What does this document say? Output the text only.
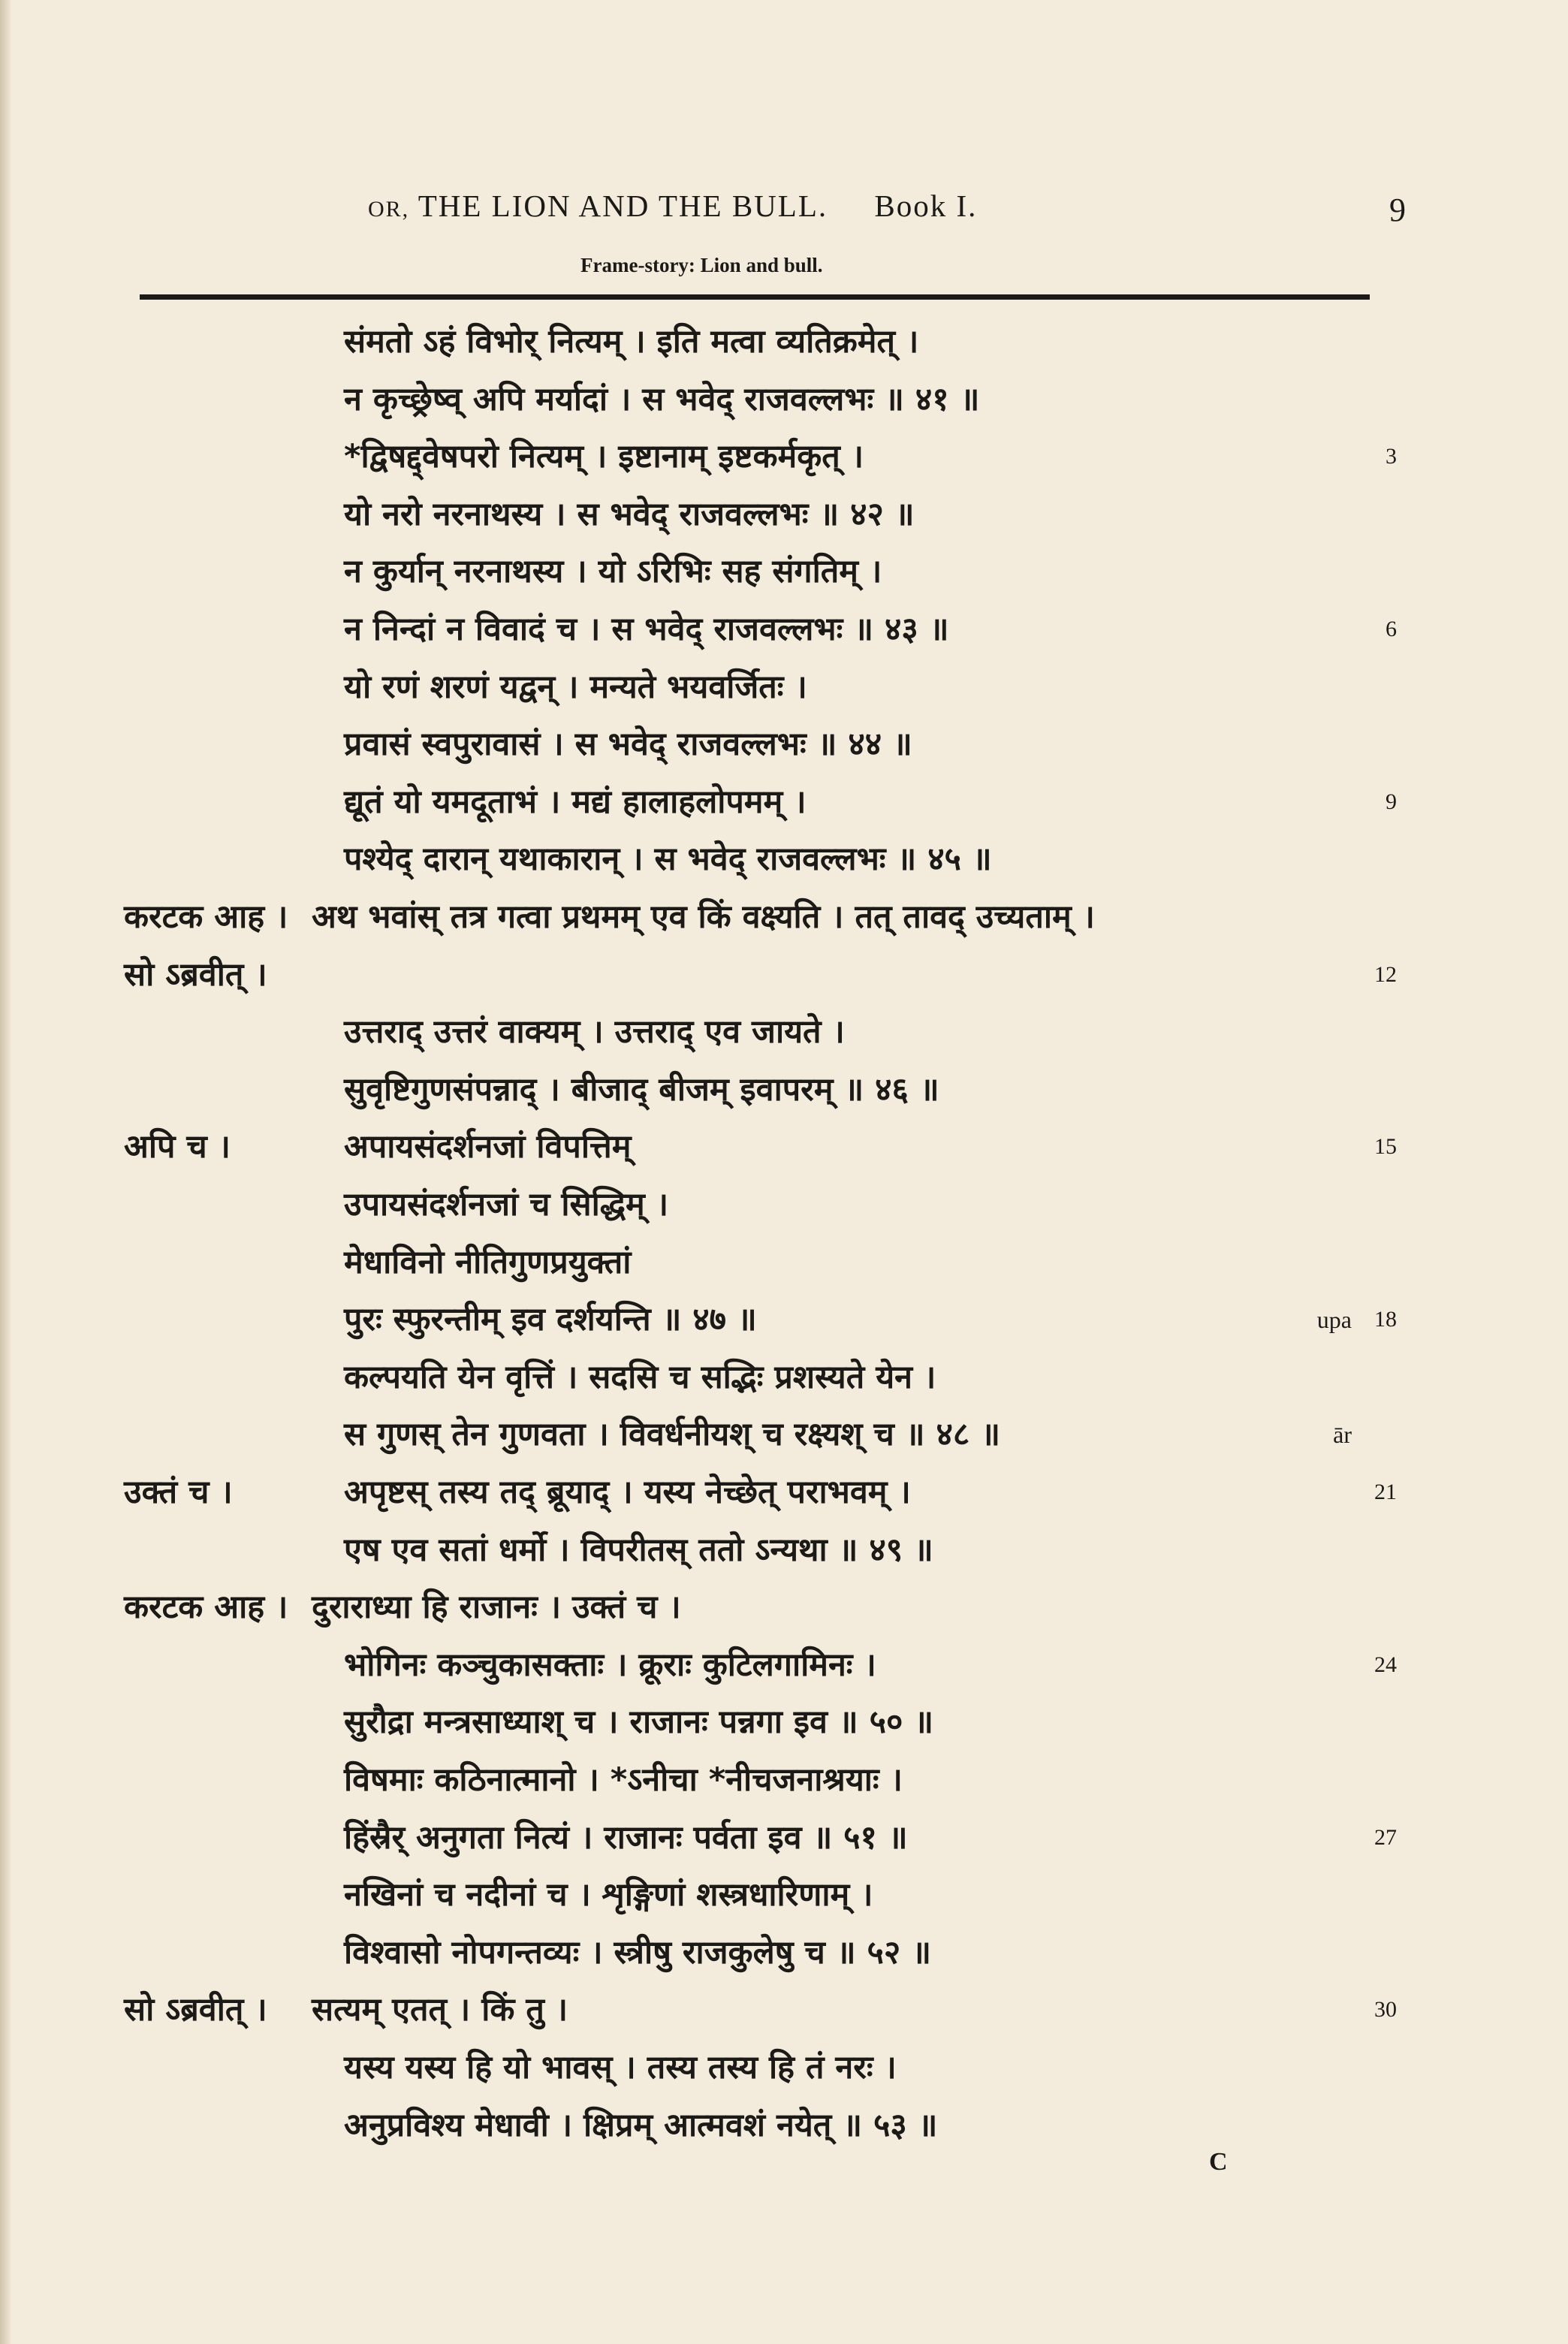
OR, THE LION AND THE BULL. Book I.	9
Frame-story: Lion and bull.
संमतो ऽहं विभोर् नित्यम् । इति मत्वा व्यतिक्रमेत् ।
न कृच्छ्रेष्व् अपि मर्यादां । स भवेद् राजवल्लभः ॥ ४१ ॥
*द्विषद्द्वेषपरो नित्यम् । इष्टानाम् इष्टकर्मकृत् ।	3
यो नरो नरनाथस्य । स भवेद् राजवल्लभः ॥ ४२ ॥
न कुर्यान् नरनाथस्य । यो ऽरिभिः सह संगतिम् ।
न निन्दां न विवादं च । स भवेद् राजवल्लभः ॥ ४३ ॥	6
यो रणं शरणं यद्वन् । मन्यते भयवर्जितः ।
प्रवासं स्वपुरावासं । स भवेद् राजवल्लभः ॥ ४४ ॥
द्यूतं यो यमदूताभं । मद्यं हालाहलोपमम् ।	9
पश्येद् दारान् यथाकारान् । स भवेद् राजवल्लभः ॥ ४५ ॥
करटक आह । अथ भवांस् तत्र गत्वा प्रथमम् एव किं वक्ष्यति । तत् तावद् उच्यताम् ।
सो ऽब्रवीत् ।	12
उत्तराद् उत्तरं वाक्यम् । उत्तराद् एव जायते ।
सुवृष्टिगुणसंपन्नाद् । बीजाद् बीजम् इवापरम् ॥ ४६ ॥
अपि च ।	अपायसंदर्शनजां विपत्तिम्	15
उपायसंदर्शनजां च सिद्धिम् ।
मेधाविनो नीतिगुणप्रयुक्तां
पुरः स्फुरन्तीम् इव दर्शयन्ति ॥ ४७ ॥	upa	18
कल्पयति येन वृत्तिं । सदसि च सद्भिः प्रशस्यते येन ।
स गुणस् तेन गुणवता । विवर्धनीयश् च रक्ष्यश् च ॥ ४८ ॥	ār
उक्तं च ।	अपृष्टस् तस्य तद् ब्रूयाद् । यस्य नेच्छेत् पराभवम् ।	21
एष एव सतां धर्मो । विपरीतस् ततो ऽन्यथा ॥ ४९ ॥
करटक आह । दुराराध्या हि राजानः । उक्तं च ।
भोगिनः कञ्चुकासक्ताः । क्रूराः कुटिलगामिनः ।	24
सुरौद्रा मन्त्रसाध्याश् च । राजानः पन्नगा इव ॥ ५० ॥
विषमाः कठिनात्मानो । *ऽनीचा *नीचजनाश्रयाः ।
हिंस्रैर् अनुगता नित्यं । राजानः पर्वता इव ॥ ५१ ॥	27
नखिनां च नदीनां च । शृङ्गिणां शस्त्रधारिणाम् ।
विश्वासो नोपगन्तव्यः । स्त्रीषु राजकुलेषु च ॥ ५२ ॥
सो ऽब्रवीत् । सत्यम् एतत् । किं तु ।	30
यस्य यस्य हि यो भावस् । तस्य तस्य हि तं नरः ।
अनुप्रविश्य मेधावी । क्षिप्रम् आत्मवशं नयेत् ॥ ५३ ॥
C
